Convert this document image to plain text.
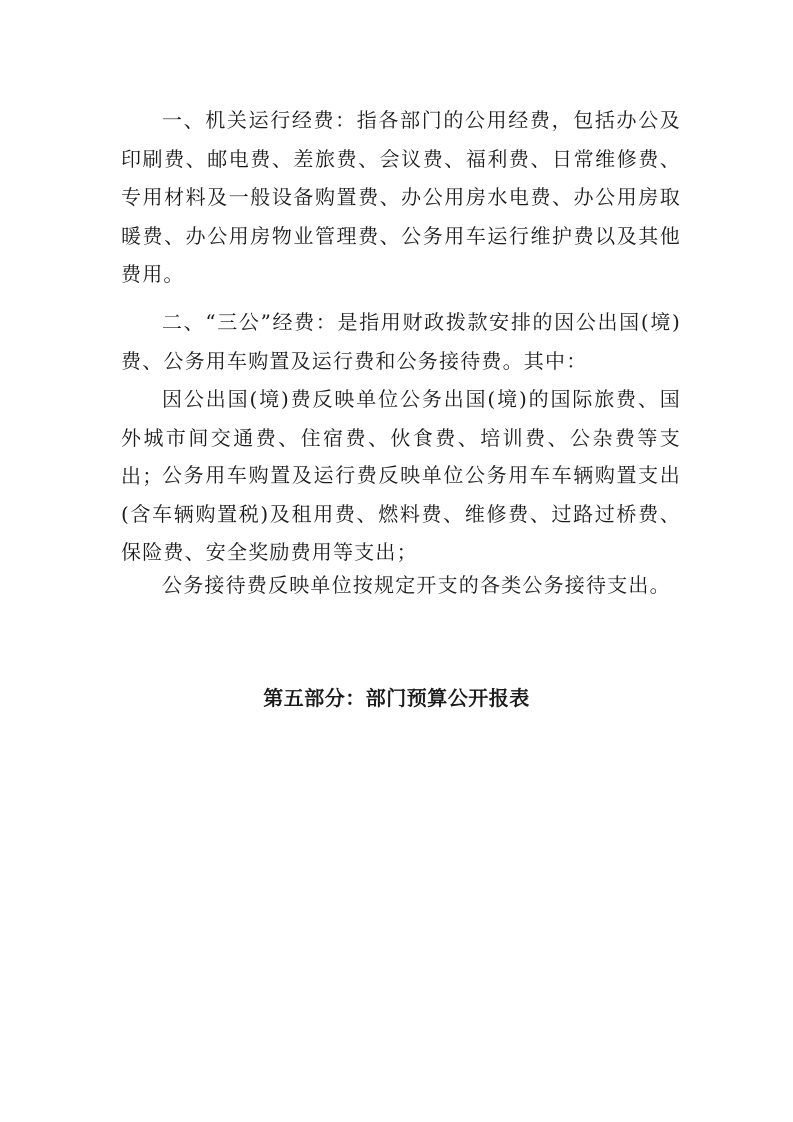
一、机关运行经费：指各部门的公用经费，包括办公及印刷费、邮电费、差旅费、会议费、福利费、日常维修费、专用材料及一般设备购置费、办公用房水电费、办公用房取暖费、办公用房物业管理费、公务用车运行维护费以及其他费用。

二、“三公”经费：是指用财政拨款安排的因公出国(境)费、公务用车购置及运行费和公务接待费。其中：

因公出国(境)费反映单位公务出国(境)的国际旅费、国外城市间交通费、住宿费、伙食费、培训费、公杂费等支出；

公务用车购置及运行费反映单位公务用车车辆购置支出(含车辆购置税)及租用费、燃料费、维修费、过路过桥费、保险费、安全奖励费用等支出；

公务接待费反映单位按规定开支的各类公务接待支出。

第五部分：部门预算公开报表
